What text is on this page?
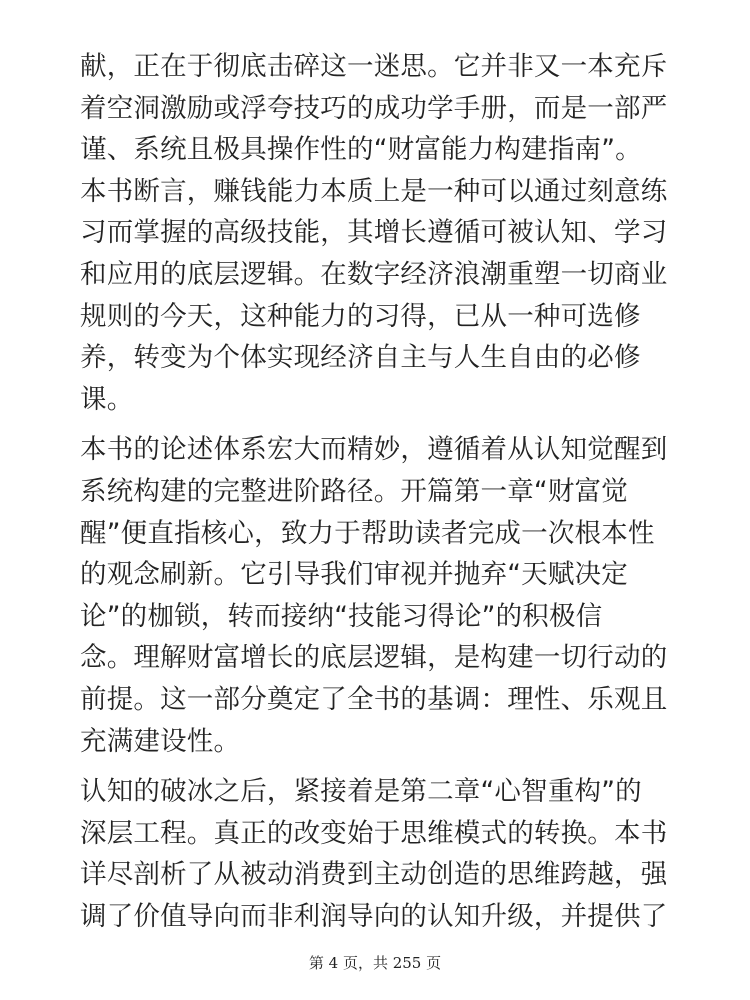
献，正在于彻底击碎这一迷思。它并非又一本充斥
着空洞激励或浮夸技巧的成功学手册，而是一部严
谨、系统且极具操作性的“财富能力构建指南”。
本书断言，赚钱能力本质上是一种可以通过刻意练
习而掌握的高级技能，其增长遵循可被认知、学习
和应用的底层逻辑。在数字经济浪潮重塑一切商业
规则的今天，这种能力的习得，已从一种可选修
养，转变为个体实现经济自主与人生自由的必修
课。
本书的论述体系宏大而精妙，遵循着从认知觉醒到
系统构建的完整进阶路径。开篇第一章“财富觉
醒”便直指核心，致力于帮助读者完成一次根本性
的观念刷新。它引导我们审视并抛弃“天赋决定
论”的枷锁，转而接纳“技能习得论”的积极信
念。理解财富增长的底层逻辑，是构建一切行动的
前提。这一部分奠定了全书的基调：理性、乐观且
充满建设性。
认知的破冰之后，紧接着是第二章“心智重构”的
深层工程。真正的改变始于思维模式的转换。本书
详尽剖析了从被动消费到主动创造的思维跨越，强
调了价值导向而非利润导向的认知升级，并提供了
第 4 页，共 255 页
